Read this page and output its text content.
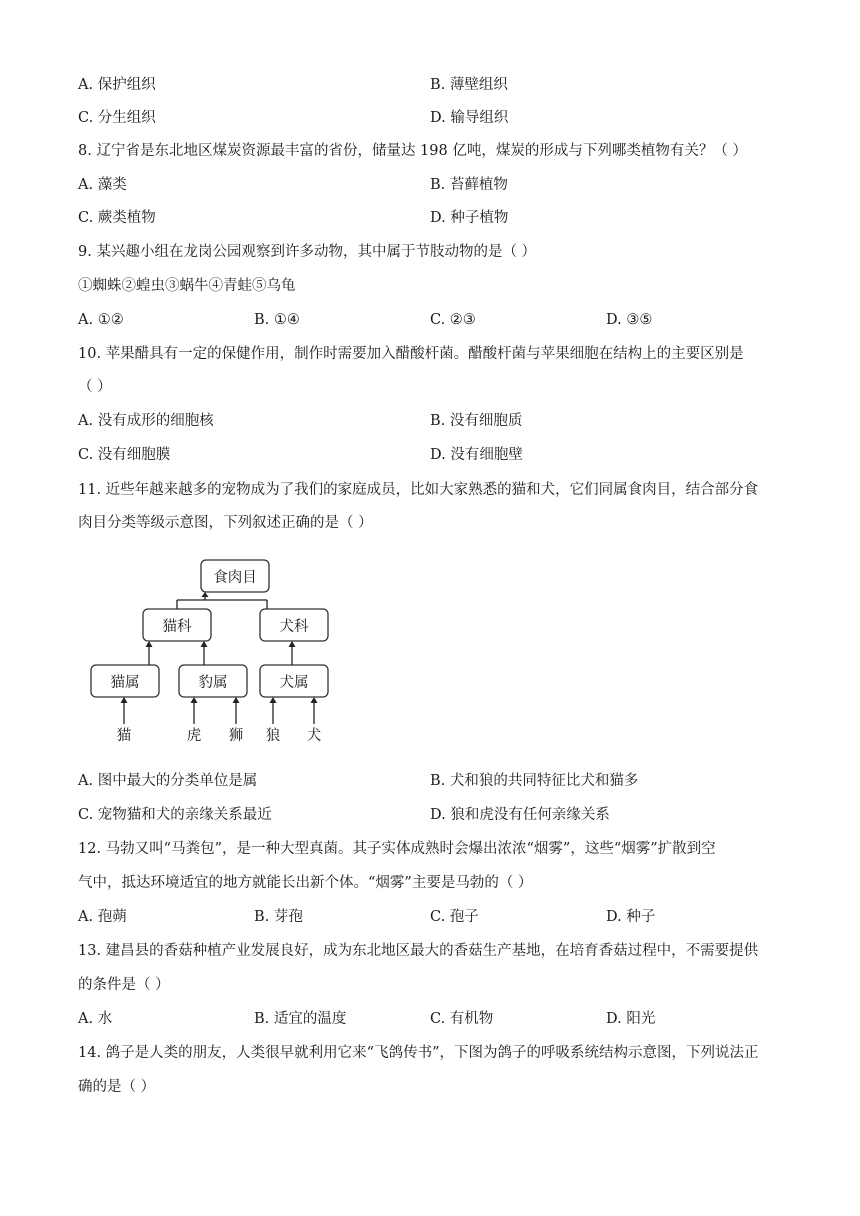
A. 保护组织	B. 薄壁组织
C. 分生组织	D. 输导组织
8. 辽宁省是东北地区煤炭资源最丰富的省份，储量达 198 亿吨，煤炭的形成与下列哪类植物有关？（ ）
A. 藻类	B. 苔藓植物
C. 蕨类植物	D. 种子植物
9. 某兴趣小组在龙岗公园观察到许多动物，其中属于节肢动物的是（ ）
①蜘蛛②蝗虫③蜗牛④青蛙⑤乌龟
A. ①②	B. ①④	C. ②③	D. ③⑤
10. 苹果醋具有一定的保健作用，制作时需要加入醋酸杆菌。醋酸杆菌与苹果细胞在结构上的主要区别是
（ ）
A. 没有成形的细胞核	B. 没有细胞质
C. 没有细胞膜	D. 没有细胞壁
11. 近些年越来越多的宠物成为了我们的家庭成员，比如大家熟悉的猫和犬，它们同属食肉目，结合部分食
肉目分类等级示意图，下列叙述正确的是（ ）
食肉目
猫科	犬科
猫属	豹属	犬属
猫	虎 狮 狼 犬
A. 图中最大的分类单位是属	B. 犬和狼的共同特征比犬和猫多
C. 宠物猫和犬的亲缘关系最近	D. 狼和虎没有任何亲缘关系
12. 马勃又叫“马粪包”，是一种大型真菌。其子实体成熟时会爆出浓浓“烟雾”，这些“烟雾”扩散到空
气中，抵达环境适宜的地方就能长出新个体。“烟雾”主要是马勃的（ ）
A. 孢蒴	B. 芽孢	C. 孢子	D. 种子
13. 建昌县的香菇种植产业发展良好，成为东北地区最大的香菇生产基地，在培育香菇过程中，不需要提供
的条件是（ ）
A. 水	B. 适宜的温度	C. 有机物	D. 阳光
14. 鸽子是人类的朋友，人类很早就利用它来“飞鸽传书”，下图为鸽子的呼吸系统结构示意图，下列说法正
确的是（ ）
